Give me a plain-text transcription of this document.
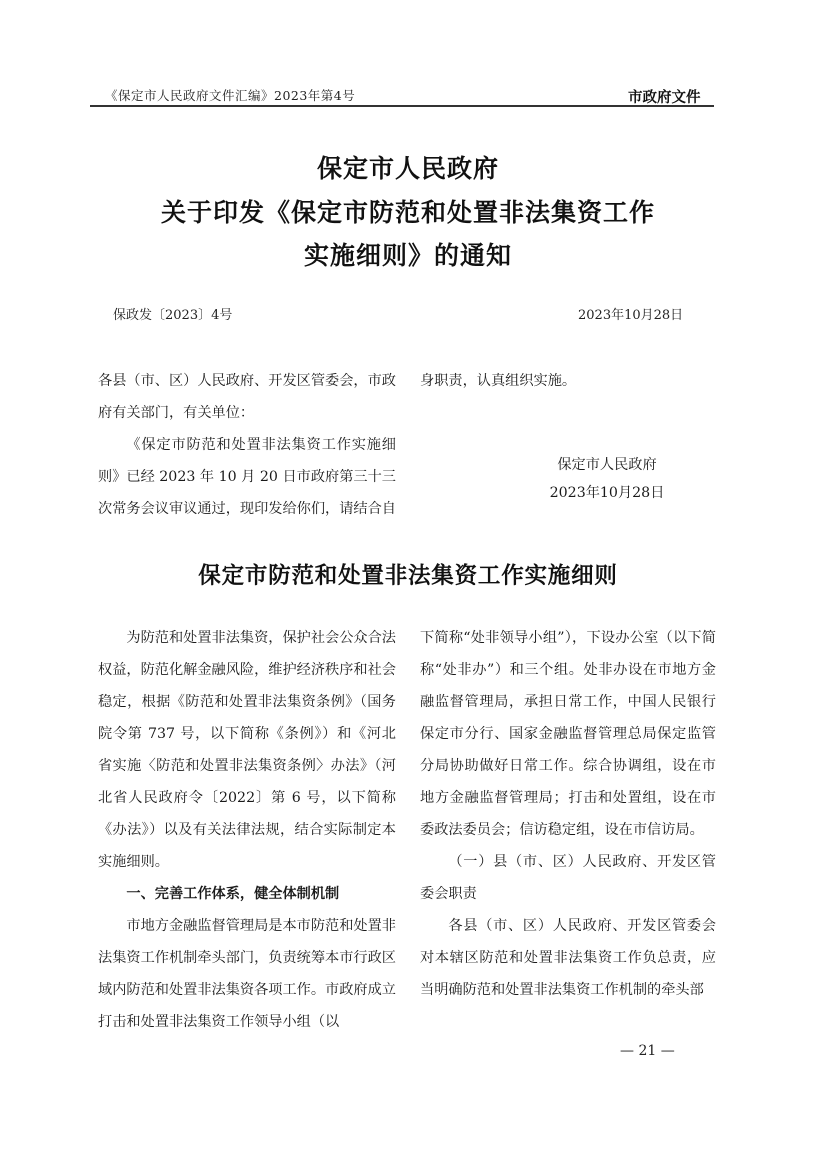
《保定市人民政府文件汇编》2023年第4号	市政府文件
保定市人民政府
关于印发《保定市防范和处置非法集资工作
实施细则》的通知
保政发〔2023〕4号	2023年10月28日

各县（市、区）人民政府、开发区管委会，市政府有关部门，有关单位：

《保定市防范和处置非法集资工作实施细则》已经 2023 年 10 月 20 日市政府第三十三次常务会议审议通过，现印发给你们，请结合自

身职责，认真组织实施。

保定市人民政府
2023年10月28日
保定市防范和处置非法集资工作实施细则

为防范和处置非法集资，保护社会公众合法权益，防范化解金融风险，维护经济秩序和社会稳定，根据《防范和处置非法集资条例》（国务院令第 737 号，以下简称《条例》）和《河北省实施〈防范和处置非法集资条例〉办法》（河北省人民政府令〔2022〕第 6 号，以下简称《办法》）以及有关法律法规，结合实际制定本实施细则。

一、完善工作体系，健全体制机制

市地方金融监督管理局是本市防范和处置非法集资工作机制牵头部门，负责统筹本市行政区域内防范和处置非法集资各项工作。市政府成立打击和处置非法集资工作领导小组（以

下简称“处非领导小组”），下设办公室（以下简称“处非办”）和三个组。处非办设在市地方金融监督管理局，承担日常工作，中国人民银行保定市分行、国家金融监督管理总局保定监管分局协助做好日常工作。综合协调组，设在市地方金融监督管理局；打击和处置组，设在市委政法委员会；信访稳定组，设在市信访局。

（一）县（市、区）人民政府、开发区管委会职责

各县（市、区）人民政府、开发区管委会对本辖区防范和处置非法集资工作负总责，应当明确防范和处置非法集资工作机制的牵头部

— 21 —
